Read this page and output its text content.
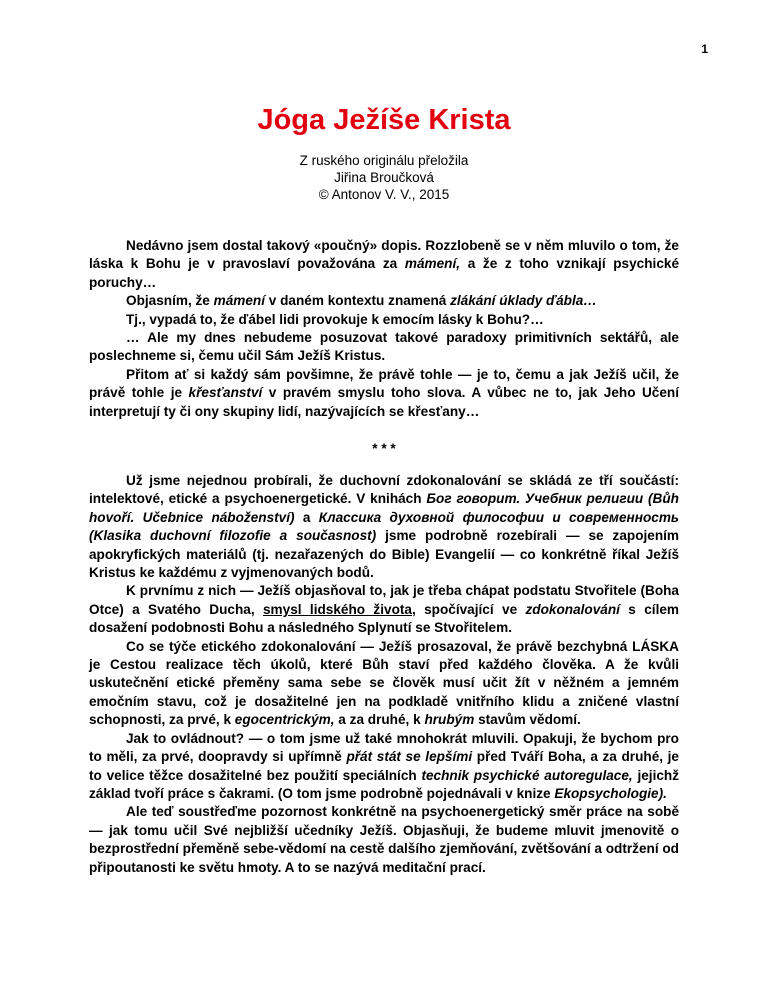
1
Jóga Ježíše Krista
Z ruského originálu přeložila
Jiřina Broučková
© Antonov V. V., 2015

Nedávno jsem dostal takový «poučný» dopis. Rozzlobeně se v něm mluvilo o tom, že láska k Bohu je v pravoslaví považována za mámení, a že z toho vznikají psychické poruchy…

Objasním, že mámení v daném kontextu znamená zlákání úklady ďábla…

Tj., vypadá to, že ďábel lidi provokuje k emocím lásky k Bohu?…

… Ale my dnes nebudeme posuzovat takové paradoxy primitivních sektářů, ale poslechneme si, čemu učil Sám Ježíš Kristus.

Přitom ať si každý sám povšimne, že právě tohle — je to, čemu a jak Ježíš učil, že právě tohle je křesťanství v pravém smyslu toho slova. A vůbec ne to, jak Jeho Učení interpretují ty či ony skupiny lidí, nazývajících se křesťany…

* * *

Už jsme nejednou probírali, že duchovní zdokonalování se skládá ze tří součástí: intelektové, etické a psychoenergetické. V knihách Бог говорит. Учебник религии (Bůh hovoří. Učebnice náboženství) a Классика духовной философии и современность (Klasika duchovní filozofie a současnost) jsme podrobně rozebírali — se zapojením apokryfických materiálů (tj. nezařazených do Bible) Evangelií — co konkrétně říkal Ježíš Kristus ke každému z vyjmenovaných bodů.

K prvnímu z nich — Ježíš objasňoval to, jak je třeba chápat podstatu Stvořitele (Boha Otce) a Svatého Ducha, smysl lidského života, spočívající ve zdokonalování s cílem dosažení podobnosti Bohu a následného Splynutí se Stvořitelem.

Co se týče etického zdokonalování — Ježíš prosazoval, že právě bezchybná LÁSKA je Cestou realizace těch úkolů, které Bůh staví před každého člověka. A že kvůli uskutečnění etické přeměny sama sebe se člověk musí učit žít v něžném a jemném emočním stavu, což je dosažitelné jen na podkladě vnitřního klidu a zničené vlastní schopnosti, za prvé, k egocentrickým, a za druhé, k hrubým stavům vědomí.

Jak to ovládnout? — o tom jsme už také mnohokrát mluvili. Opakuji, že bychom pro to měli, za prvé, doopravdy si upřímně přát stát se lepšími před Tváří Boha, a za druhé, je to velice těžce dosažitelné bez použití speciálních technik psychické autoregulace, jejichž základ tvoří práce s čakrami. (O tom jsme podrobně pojednávali v knize Ekopsychologie).

Ale teď soustřeďme pozornost konkrétně na psychoenergetický směr práce na sobě — jak tomu učil Své nejbližší učedníky Ježíš. Objasňuji, že budeme mluvit jmenovitě o bezprostřední přeměně sebe-vědomí na cestě dalšího zjemňování, zvětšování a odtržení od připoutanosti ke světu hmoty. A to se nazývá meditační prací.
